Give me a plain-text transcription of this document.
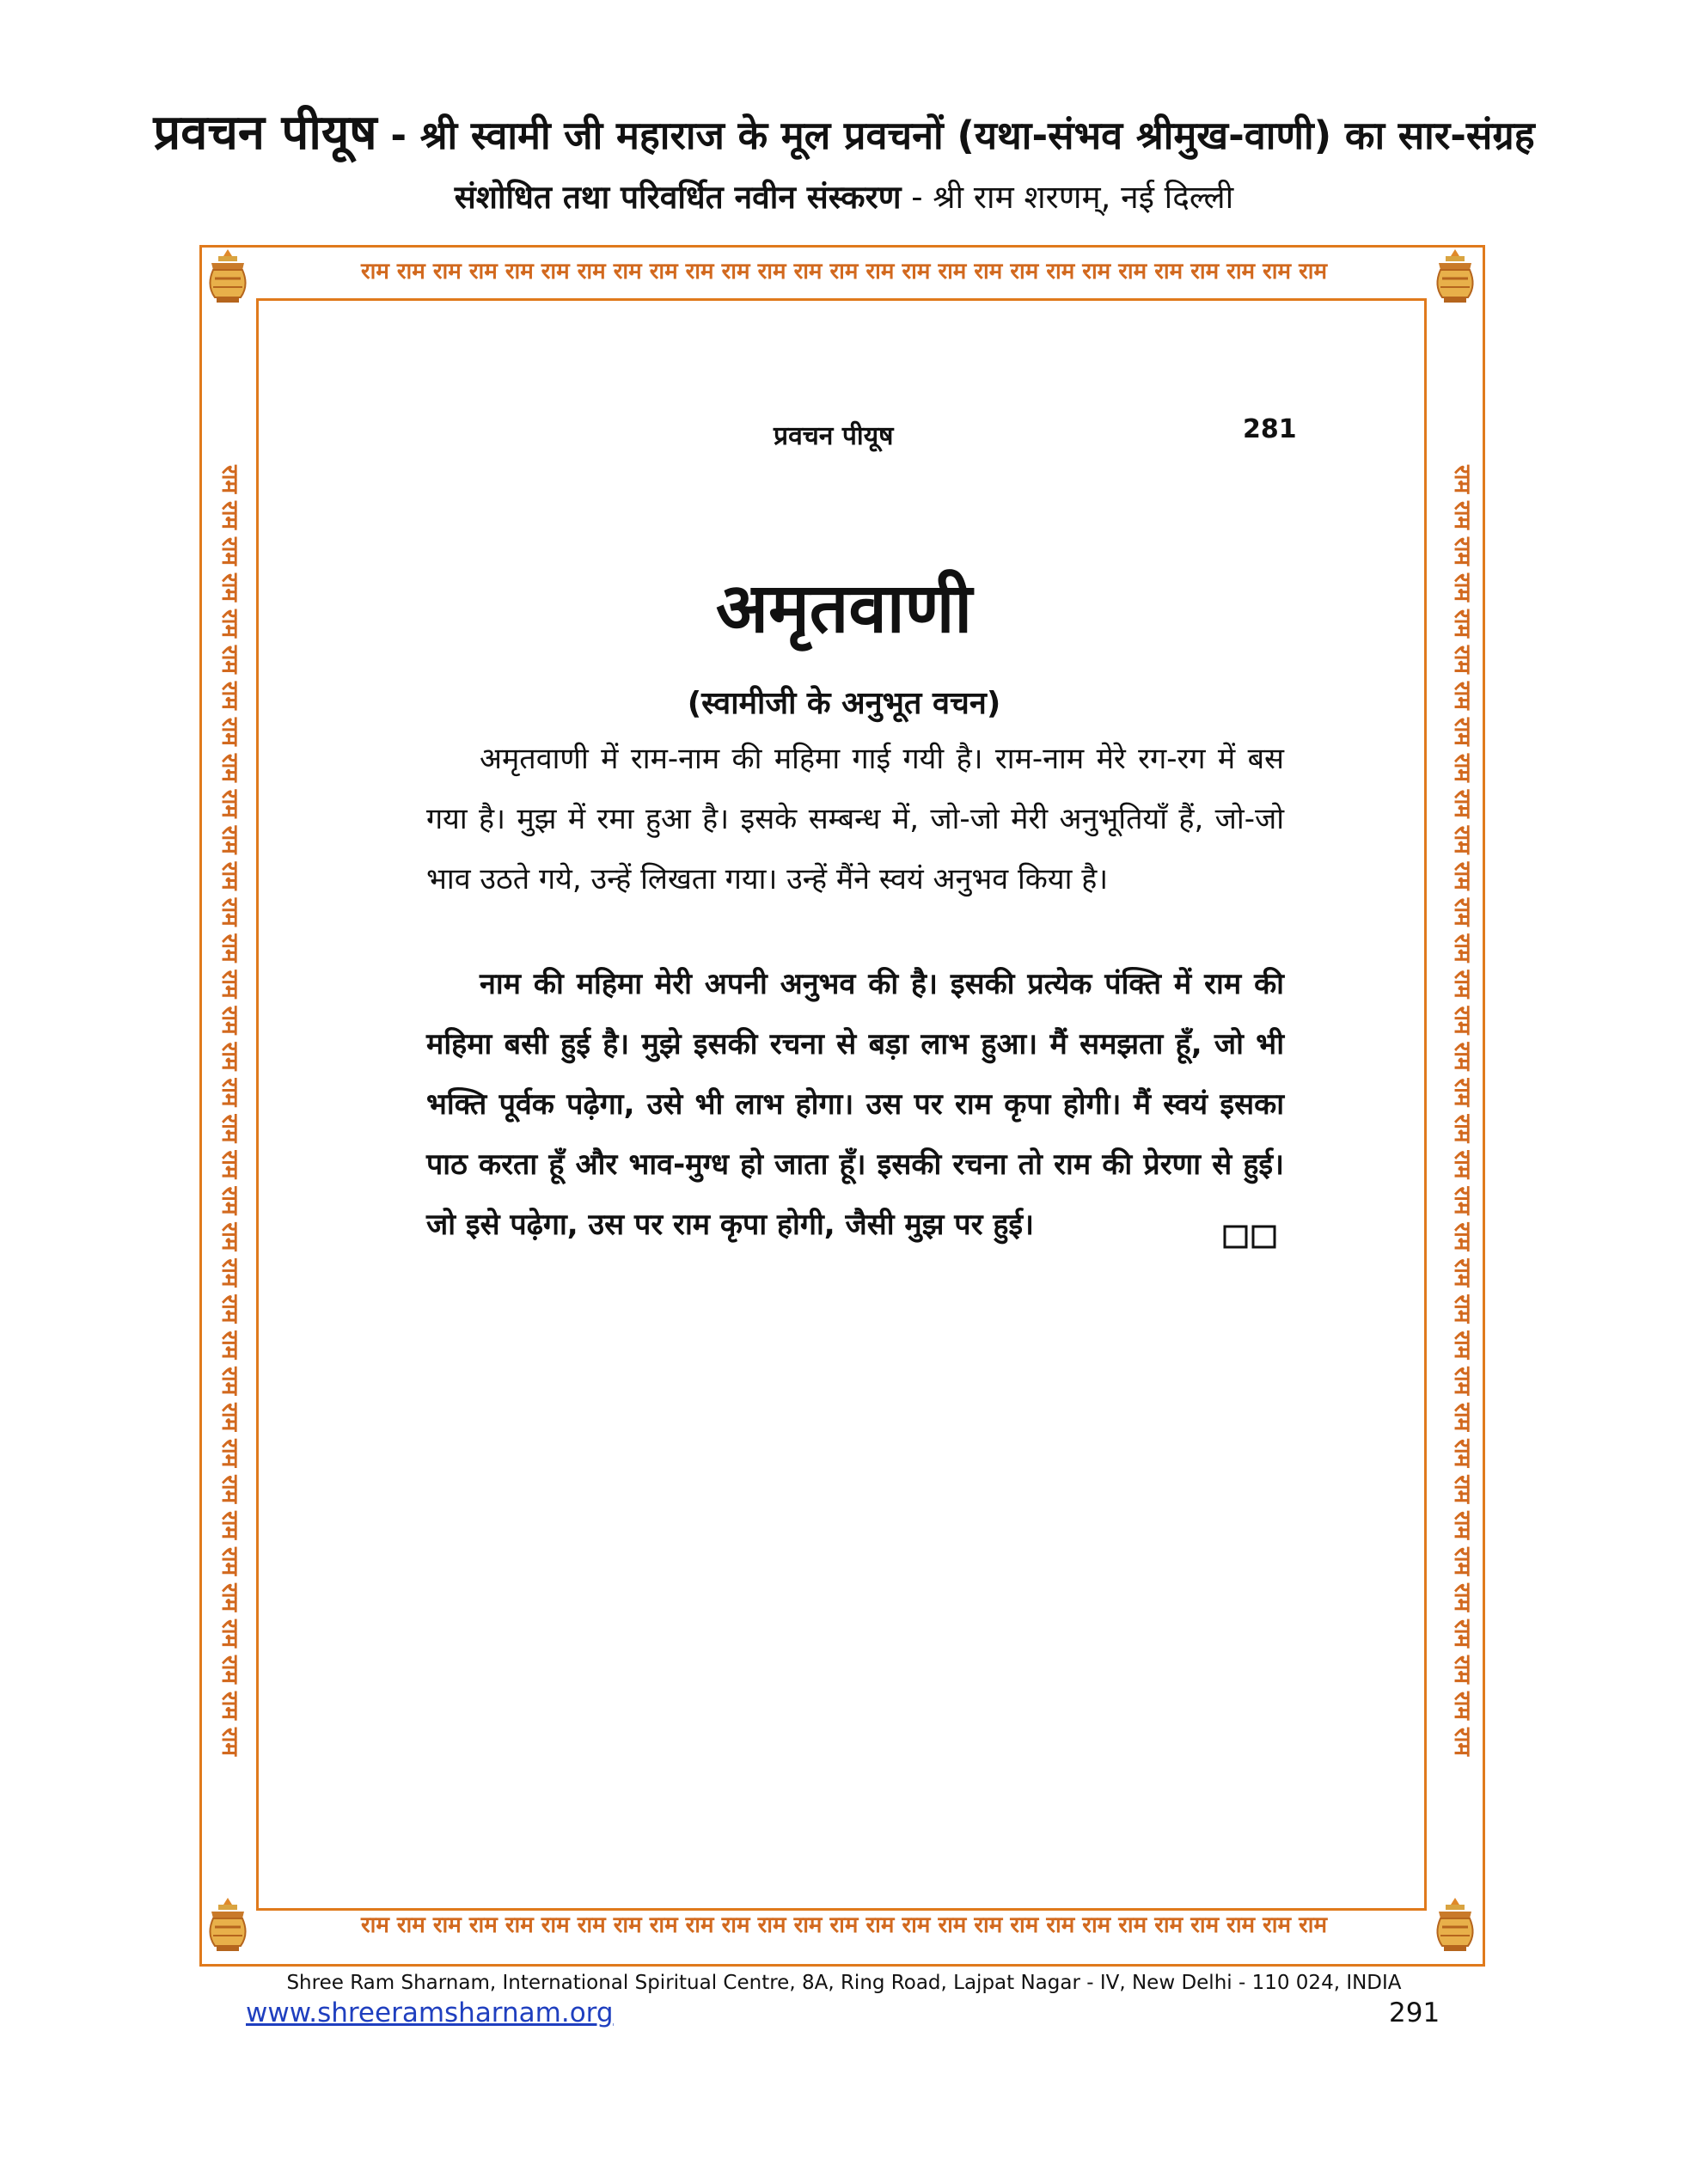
प्रवचन पीयूष - श्री स्वामी जी महाराज के मूल प्रवचनों (यथा-संभव श्रीमुख-वाणी) का सार-संग्रह
संशोधित तथा परिवर्धित नवीन संस्करण - श्री राम शरणम्, नई दिल्ली
राम राम राम राम राम राम राम राम राम राम राम राम राम राम राम राम राम राम राम राम राम राम राम राम राम राम राम
राम राम राम राम राम राम राम राम राम राम राम राम राम राम राम राम राम राम राम राम राम राम राम राम राम राम राम
राम राम राम राम राम राम राम राम राम राम राम राम राम राम राम राम राम राम राम राम राम राम राम राम राम राम राम राम राम राम राम राम राम राम राम राम	राम राम राम राम राम राम राम राम राम राम राम राम राम राम राम राम राम राम राम राम राम राम राम राम राम राम राम राम राम राम राम राम राम राम राम राम
प्रवचन पीयूष	281
अमृतवाणी
(स्वामीजी के अनुभूत वचन)
अमृतवाणी में राम-नाम की महिमा गाई गयी है। राम-नाम मेरे रग-रग में बस गया है। मुझ में रमा हुआ है। इसके सम्बन्ध में, जो-जो मेरी अनुभूतियाँ हैं, जो-जो भाव उठते गये, उन्हें लिखता गया। उन्हें मैंने स्वयं अनुभव किया है।
नाम की महिमा मेरी अपनी अनुभव की है। इसकी प्रत्येक पंक्ति में राम की महिमा बसी हुई है। मुझे इसकी रचना से बड़ा लाभ हुआ। मैं समझता हूँ, जो भी भक्ति पूर्वक पढ़ेगा, उसे भी लाभ होगा। उस पर राम कृपा होगी। मैं स्वयं इसका पाठ करता हूँ और भाव-मुग्ध हो जाता हूँ। इसकी रचना तो राम की प्रेरणा से हुई। जो इसे पढ़ेगा, उस पर राम कृपा होगी, जैसी मुझ पर हुई।
Shree Ram Sharnam, International Spiritual Centre, 8A, Ring Road, Lajpat Nagar - IV, New Delhi - 110 024, INDIA
www.shreeramsharnam.org	291
